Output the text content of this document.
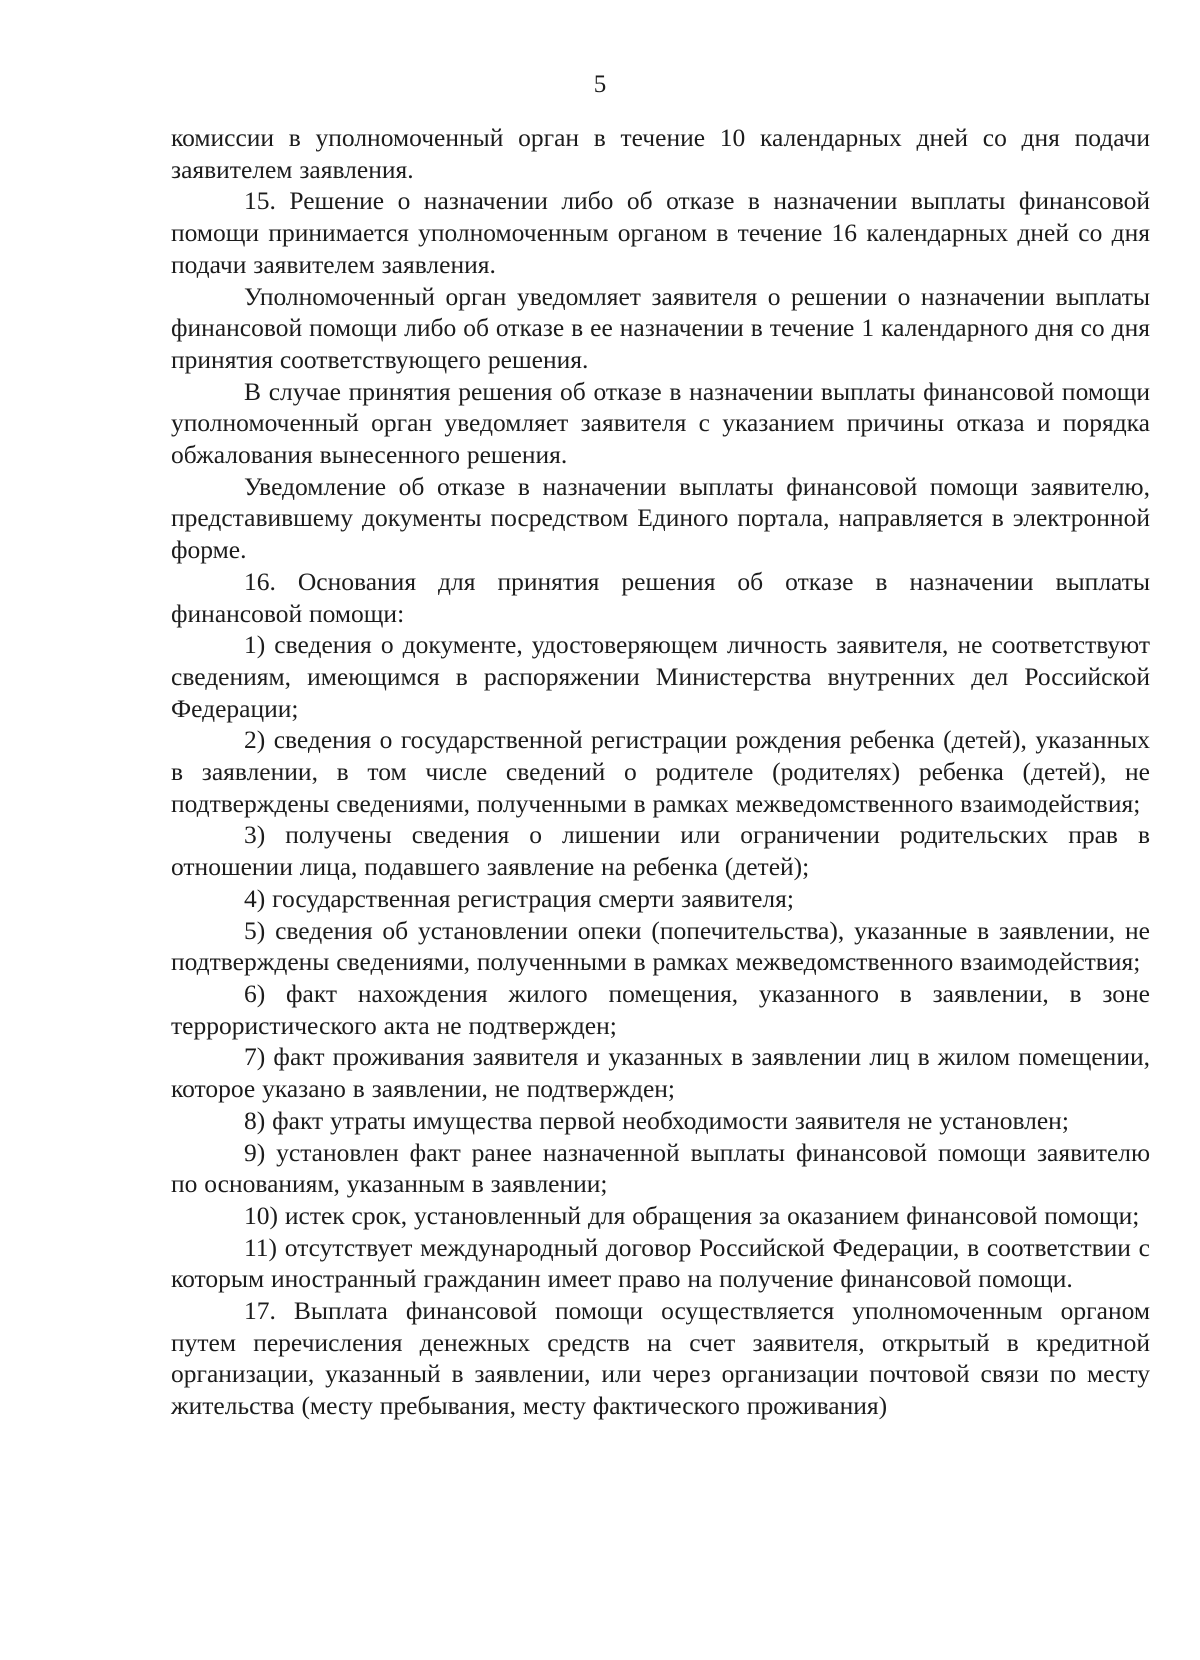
5

комиссии в уполномоченный орган в течение 10 календарных дней со дня подачи заявителем заявления.

15. Решение о назначении либо об отказе в назначении выплаты финансовой помощи принимается уполномоченным органом в течение 16 календарных дней со дня подачи заявителем заявления.

Уполномоченный орган уведомляет заявителя о решении о назначении выплаты финансовой помощи либо об отказе в ее назначении в течение 1 календарного дня со дня принятия соответствующего решения.

В случае принятия решения об отказе в назначении выплаты финансовой помощи уполномоченный орган уведомляет заявителя с указанием причины отказа и порядка обжалования вынесенного решения.

Уведомление об отказе в назначении выплаты финансовой помощи заявителю, представившему документы посредством Единого портала, направляется в электронной форме.

16. Основания для принятия решения об отказе в назначении выплаты финансовой помощи:

1) сведения о документе, удостоверяющем личность заявителя, не соответствуют сведениям, имеющимся в распоряжении Министерства внутренних дел Российской Федерации;

2) сведения о государственной регистрации рождения ребенка (детей), указанных в заявлении, в том числе сведений о родителе (родителях) ребенка (детей), не подтверждены сведениями, полученными в рамках межведомственного взаимодействия;

3) получены сведения о лишении или ограничении родительских прав в отношении лица, подавшего заявление на ребенка (детей);

4) государственная регистрация смерти заявителя;

5) сведения об установлении опеки (попечительства), указанные в заявлении, не подтверждены сведениями, полученными в рамках межведомственного взаимодействия;

6) факт нахождения жилого помещения, указанного в заявлении, в зоне террористического акта не подтвержден;

7) факт проживания заявителя и указанных в заявлении лиц в жилом помещении, которое указано в заявлении, не подтвержден;

8) факт утраты имущества первой необходимости заявителя не установлен;

9) установлен факт ранее назначенной выплаты финансовой помощи заявителю по основаниям, указанным в заявлении;

10) истек срок, установленный для обращения за оказанием финансовой помощи;

11) отсутствует международный договор Российской Федерации, в соответствии с которым иностранный гражданин имеет право на получение финансовой помощи.

17. Выплата финансовой помощи осуществляется уполномоченным органом путем перечисления денежных средств на счет заявителя, открытый в кредитной организации, указанный в заявлении, или через организации почтовой связи по месту жительства (месту пребывания, месту фактического проживания)
